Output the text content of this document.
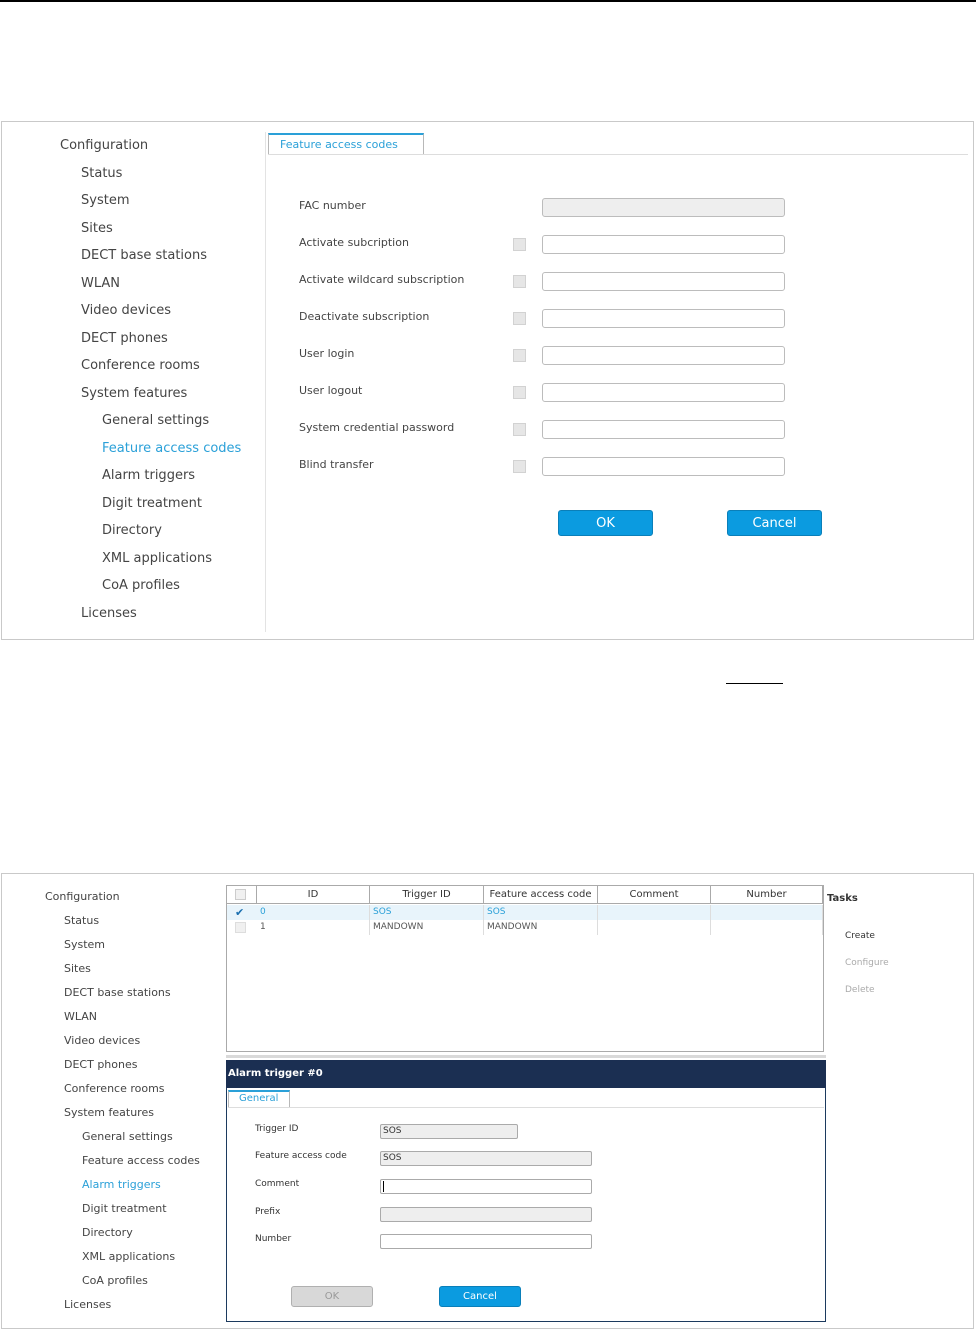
Configuration
Status
System
Sites
DECT base stations
WLAN
Video devices
DECT phones
Conference rooms
System features
General settings
Feature access codes
Alarm triggers
Digit treatment
Directory
XML applications
CoA profiles
Licenses
Feature access codes
FAC number
Activate subcription
Activate wildcard subscription
Deactivate subscription
User login
User logout
System credential password
Blind transfer
OK	Cancel
Configuration
Status
System
Sites
DECT base stations
WLAN
Video devices
DECT phones
Conference rooms
System features
General settings
Feature access codes
Alarm triggers
Digit treatment
Directory
XML applications
CoA profiles
Licenses
ID	Trigger ID	Feature access code	Comment	Number
✔	0	SOS	SOS
1	MANDOWN	MANDOWN
Tasks
Create
Configure
Delete
Alarm trigger #0
General
Trigger ID	SOS
Feature access code	SOS
Comment
Prefix
Number
OK	Cancel
